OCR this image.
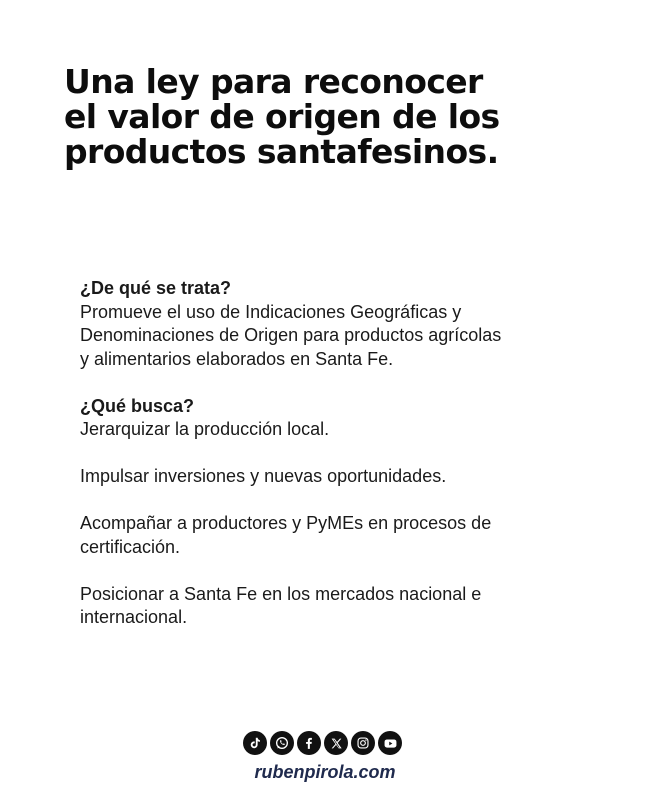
Una ley para reconocer
el valor de origen de los
productos santafesinos.

¿De qué se trata?
Promueve el uso de Indicaciones Geográficas y
Denominaciones de Origen para productos agrícolas
y alimentarios elaborados en Santa Fe.

¿Qué busca?
Jerarquizar la producción local.

Impulsar inversiones y nuevas oportunidades.

Acompañar a productores y PyMEs en procesos de
certificación.

Posicionar a Santa Fe en los mercados nacional e
internacional.

rubenpirola.com
